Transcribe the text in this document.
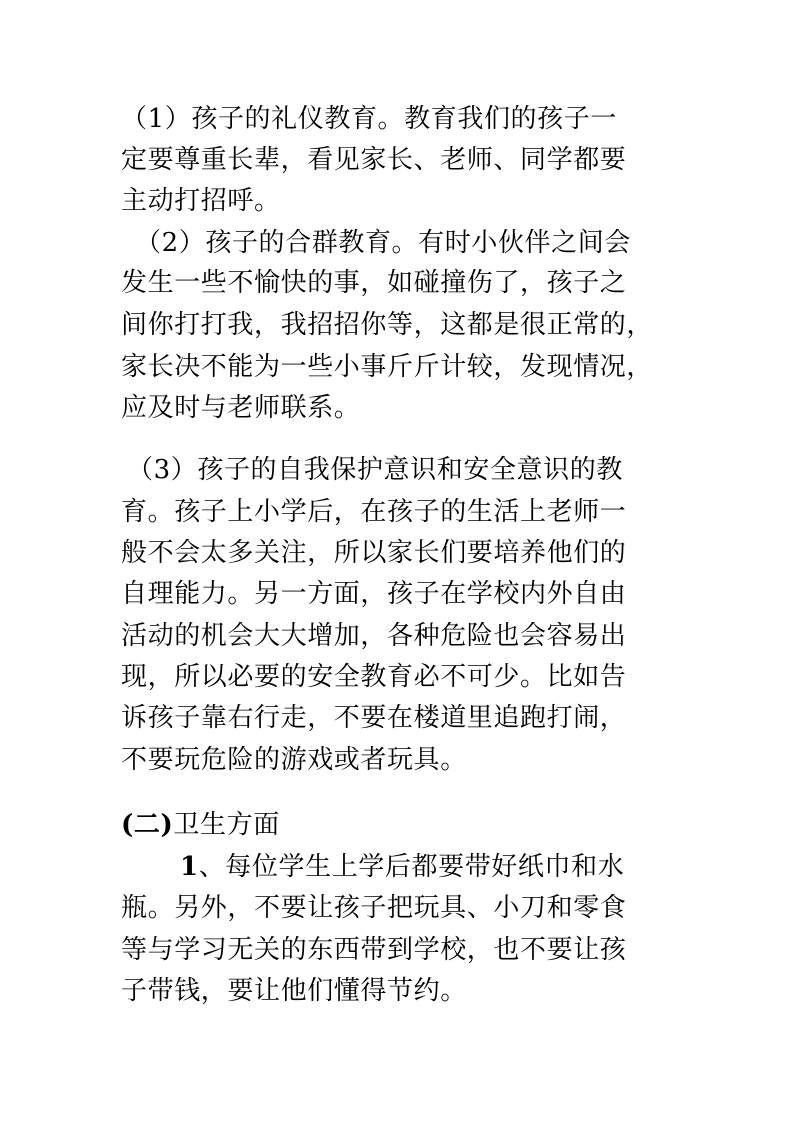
（1）孩子的礼仪教育。教育我们的孩子一
定要尊重长辈，看见家长、老师、同学都要
主动打招呼。
（2）孩子的合群教育。有时小伙伴之间会
发生一些不愉快的事，如碰撞伤了，孩子之
间你打打我，我招招你等，这都是很正常的，
家长决不能为一些小事斤斤计较，发现情况，
应及时与老师联系。
（3）孩子的自我保护意识和安全意识的教
育。孩子上小学后，在孩子的生活上老师一
般不会太多关注，所以家长们要培养他们的
自理能力。另一方面，孩子在学校内外自由
活动的机会大大增加，各种危险也会容易出
现，所以必要的安全教育必不可少。比如告
诉孩子靠右行走，不要在楼道里追跑打闹，
不要玩危险的游戏或者玩具。
(二)卫生方面
1、每位学生上学后都要带好纸巾和水
瓶。另外，不要让孩子把玩具、小刀和零食
等与学习无关的东西带到学校，也不要让孩
子带钱，要让他们懂得节约。
